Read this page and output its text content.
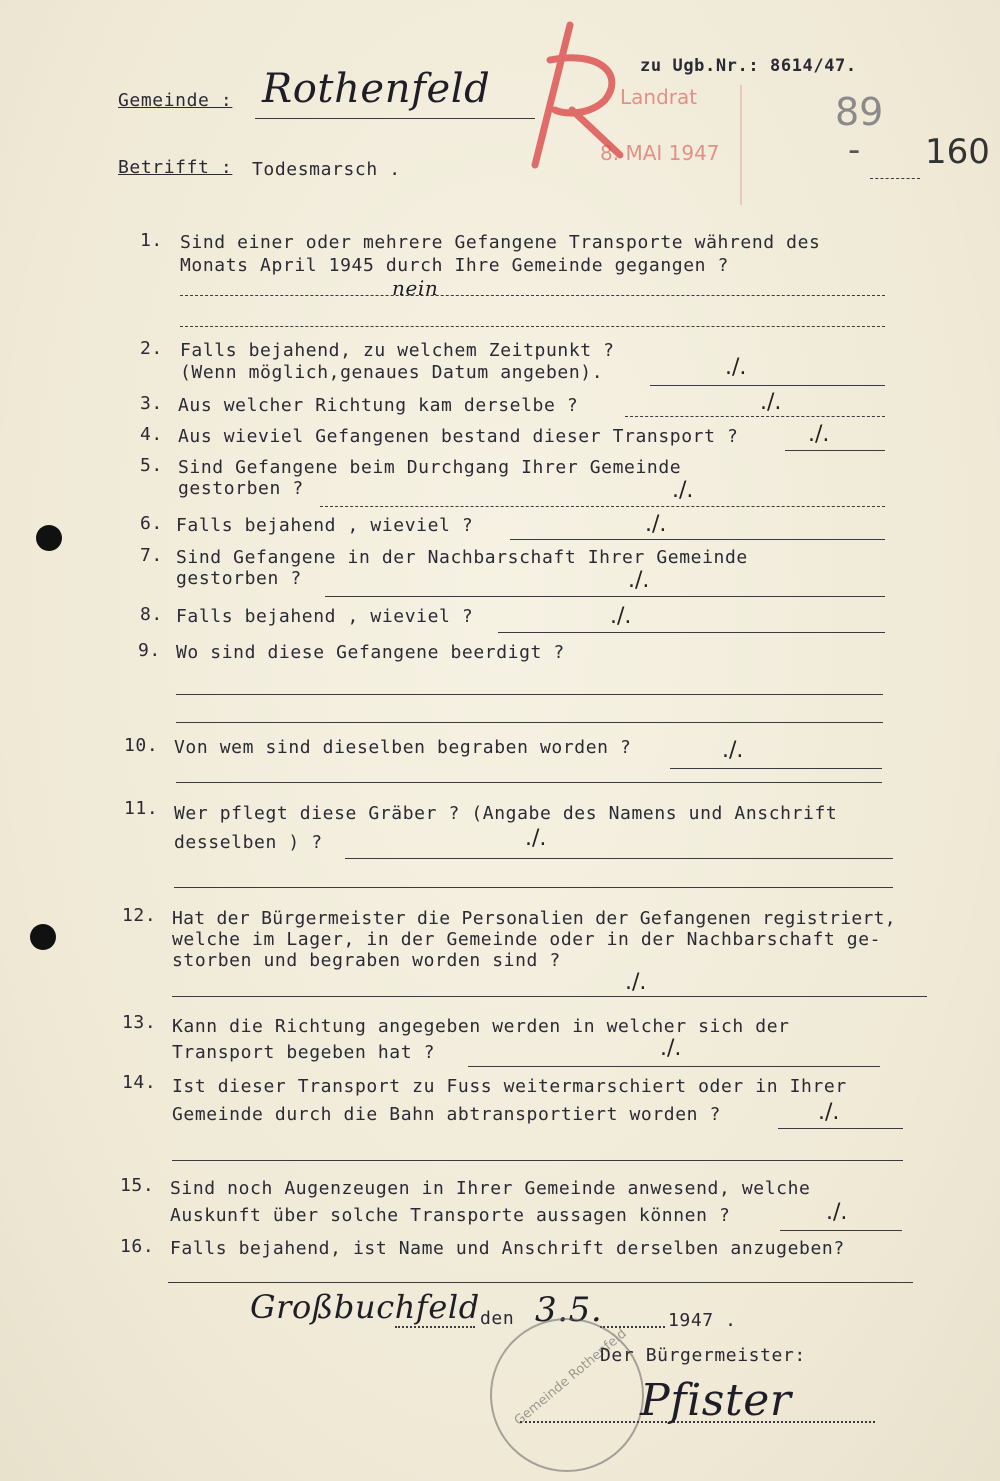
Landrat
8. MAI 1947
zu Ugb.Nr.: 8614/47.
Gemeinde : Rothenfeld
Betrifft : Todesmarsch .
89
- 160
1. Sind einer oder mehrere Gefangene Transporte während des
Monats April 1945 durch Ihre Gemeinde gegangen ?
nein
2. Falls bejahend, zu welchem Zeitpunkt ?
(Wenn möglich,genaues Datum angeben).	./.
3. Aus welcher Richtung kam derselbe ?	./.
4. Aus wieviel Gefangenen bestand dieser Transport ?	./.
5. Sind Gefangene beim Durchgang Ihrer Gemeinde
gestorben ?	./.
6. Falls bejahend , wieviel ?	./.
7. Sind Gefangene in der Nachbarschaft Ihrer Gemeinde
gestorben ?	./.
8. Falls bejahend , wieviel ?	./.
9. Wo sind diese Gefangene beerdigt ?
10. Von wem sind dieselben begraben worden ?	./.
11. Wer pflegt diese Gräber ? (Angabe des Namens und Anschrift
desselben ) ?	./.
12. Hat der Bürgermeister die Personalien der Gefangenen registriert,
welche im Lager, in der Gemeinde oder in der Nachbarschaft ge-
storben und begraben worden sind ?
./.
13. Kann die Richtung angegeben werden in welcher sich der
Transport begeben hat ?	./.
14. Ist dieser Transport zu Fuss weitermarschiert oder in Ihrer
Gemeinde durch die Bahn abtransportiert worden ?	./.
15. Sind noch Augenzeugen in Ihrer Gemeinde anwesend, welche
Auskunft über solche Transporte aussagen können ?	./.
16. Falls bejahend, ist Name und Anschrift derselben anzugeben?
Großbuchfeld den 3.5.	1947 .
Gemeinde Rothenfeld
Der Bürgermeister:
Pfister
